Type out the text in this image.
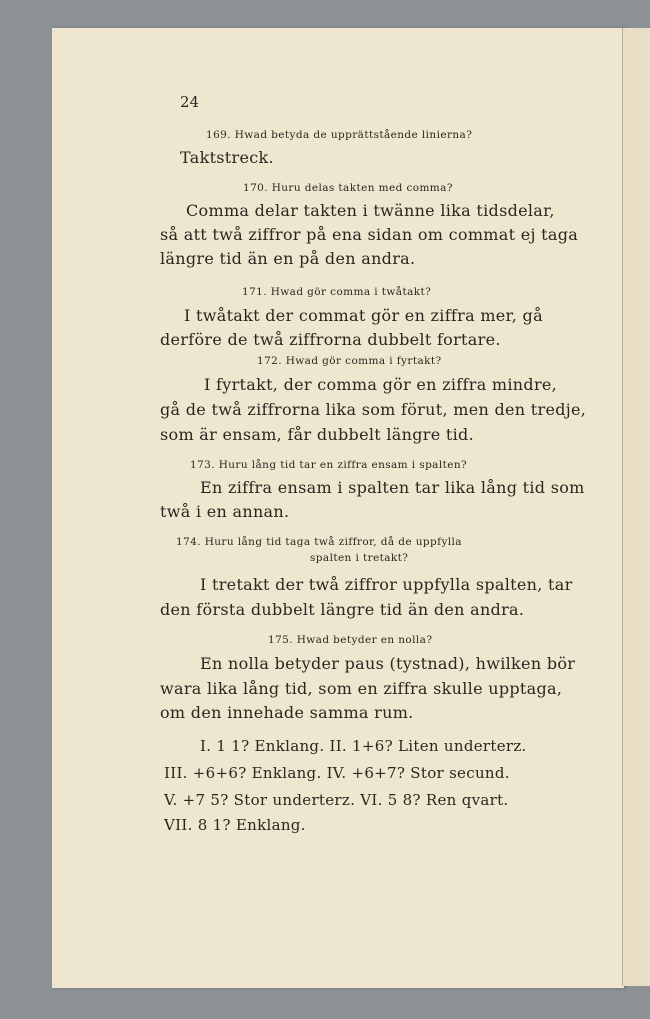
24
169. Hwad betyda de upprättstående linierna?
Taktstreck.
170. Huru delas takten med comma?
Comma delar takten i twänne lika tidsdelar,
så att twå ziffror på ena sidan om commat ej taga
längre tid än en på den andra.
171. Hwad gör comma i twåtakt?
I twåtakt der commat gör en ziffra mer, gå
derföre de twå ziffrorna dubbelt fortare.
172. Hwad gör comma i fyrtakt?
I fyrtakt, der comma gör en ziffra mindre,
gå de twå ziffrorna lika som förut, men den tredje,
som är ensam, får dubbelt längre tid.
173. Huru lång tid tar en ziffra ensam i spalten?
En ziffra ensam i spalten tar lika lång tid som
twå i en annan.
174. Huru lång tid taga twå ziffror, då de uppfylla
spalten i tretakt?
I tretakt der twå ziffror uppfylla spalten, tar
den första dubbelt längre tid än den andra.
175. Hwad betyder en nolla?
En nolla betyder paus (tystnad), hwilken bör
wara lika lång tid, som en ziffra skulle upptaga,
om den innehade samma rum.
I. 1 1? Enklang. II. 1+6? Liten underterz.
III. +6+6? Enklang. IV. +6+7? Stor secund.
V. +7 5? Stor underterz. VI. 5 8? Ren qvart.
VII. 8 1? Enklang.
